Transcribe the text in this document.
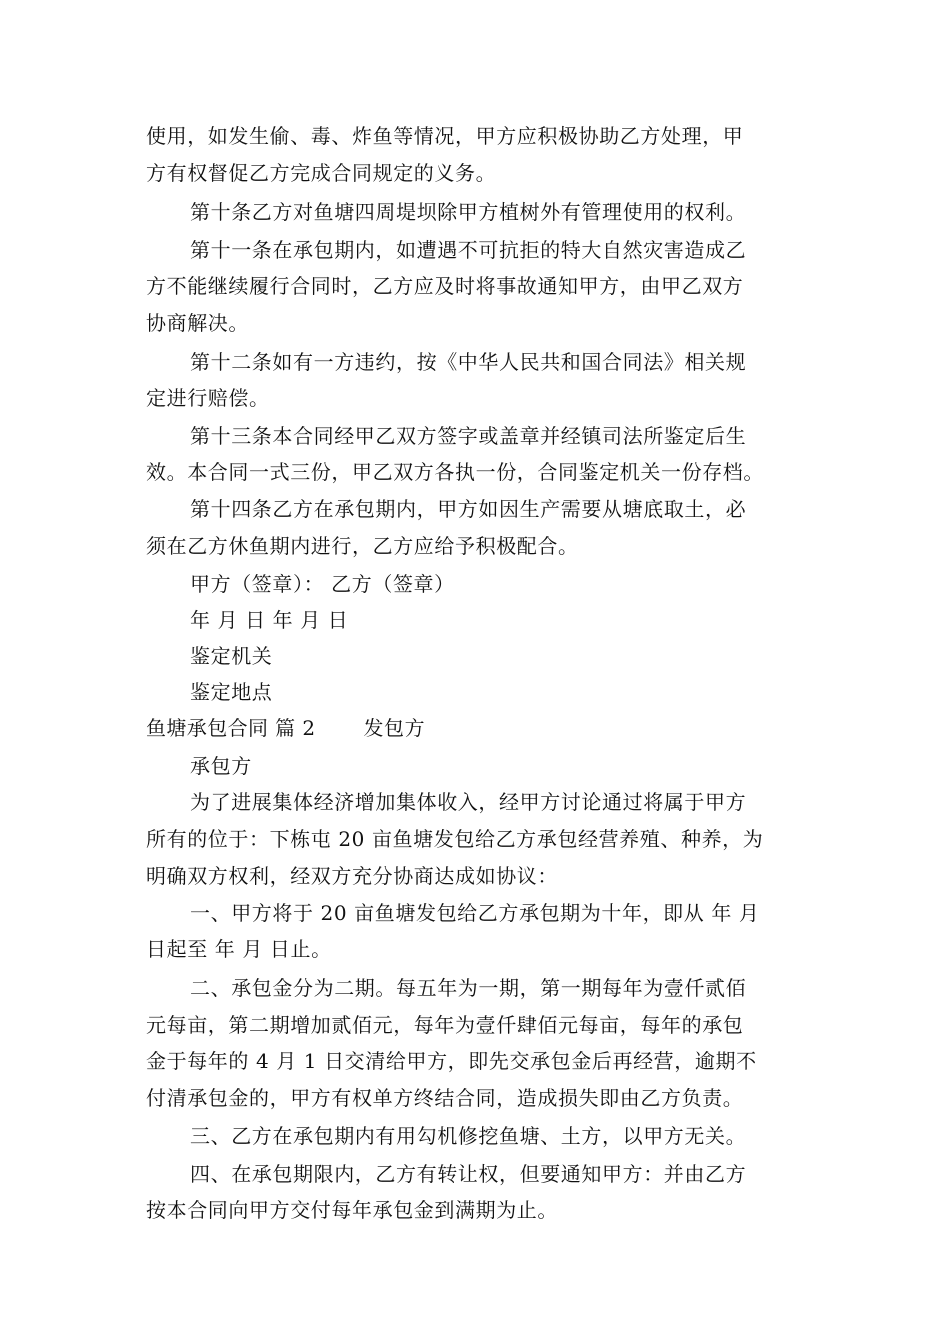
使用，如发生偷、毒、炸鱼等情况，甲方应积极协助乙方处理，甲
方有权督促乙方完成合同规定的义务。
第十条乙方对鱼塘四周堤坝除甲方植树外有管理使用的权利。
第十一条在承包期内，如遭遇不可抗拒的特大自然灾害造成乙
方不能继续履行合同时，乙方应及时将事故通知甲方，由甲乙双方
协商解决。
第十二条如有一方违约，按《中华人民共和国合同法》相关规
定进行赔偿。
第十三条本合同经甲乙双方签字或盖章并经镇司法所鉴定后生
效。本合同一式三份，甲乙双方各执一份，合同鉴定机关一份存档。
第十四条乙方在承包期内，甲方如因生产需要从塘底取土，必
须在乙方休鱼期内进行，乙方应给予积极配合。
甲方（签章）： 乙方（签章）
年 月 日 年 月 日
鉴定机关
鉴定地点
鱼塘承包合同 篇 2 发包方
承包方
为了进展集体经济增加集体收入，经甲方讨论通过将属于甲方
所有的位于：下栋屯 20 亩鱼塘发包给乙方承包经营养殖、种养，为
明确双方权利，经双方充分协商达成如协议：
一、甲方将于 20 亩鱼塘发包给乙方承包期为十年，即从 年 月
日起至 年 月 日止。
二、承包金分为二期。每五年为一期，第一期每年为壹仟贰佰
元每亩，第二期增加贰佰元，每年为壹仟肆佰元每亩，每年的承包
金于每年的 4 月 1 日交清给甲方，即先交承包金后再经营，逾期不
付清承包金的，甲方有权单方终结合同，造成损失即由乙方负责。
三、乙方在承包期内有用勾机修挖鱼塘、土方，以甲方无关。
四、在承包期限内，乙方有转让权，但要通知甲方：并由乙方
按本合同向甲方交付每年承包金到满期为止。
